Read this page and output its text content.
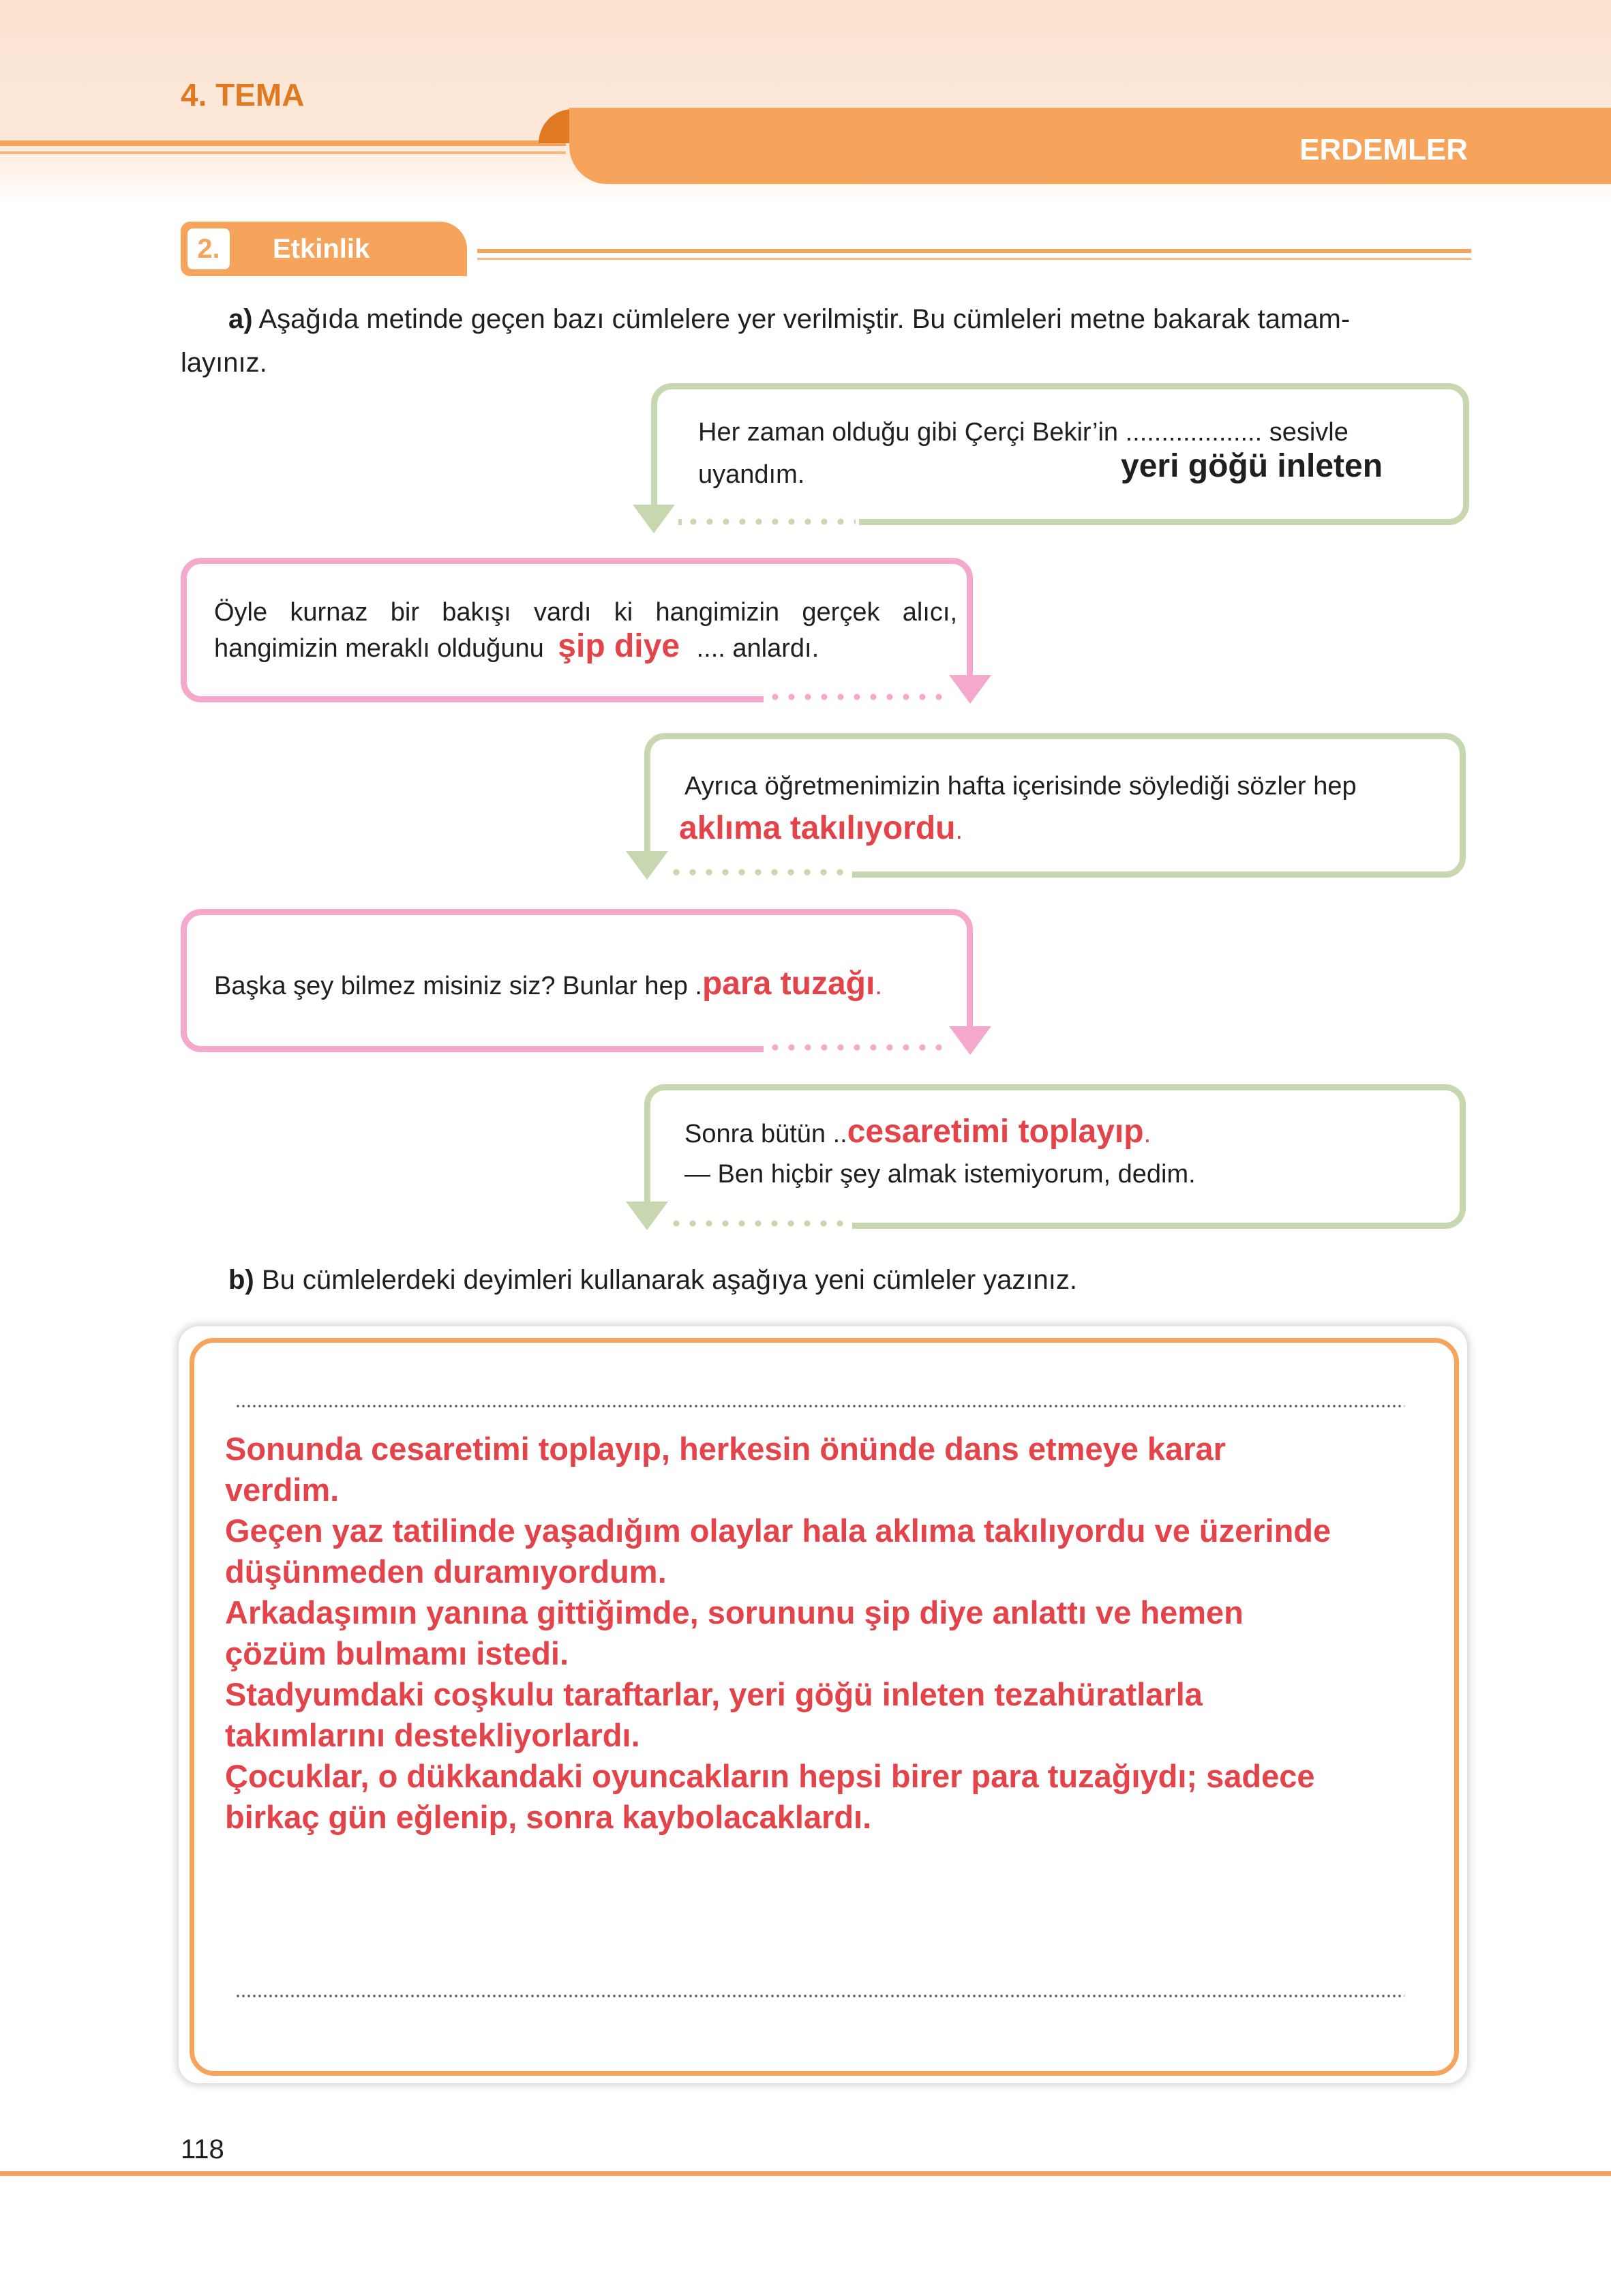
4. TEMA
ERDEMLER
2.	Etkinlik
a) Aşağıda metinde geçen bazı cümlelere yer verilmiştir. Bu cümleleri metne bakarak tamam-
layınız.
Her zaman olduğu gibi Çerçi Bekir’in ................... sesivle
uyandım.	yeri göğü inleten
Öyle kurnaz bir bakışı vardı ki hangimizin gerçek alıcı,
hangimizin meraklı olduğunu şip diye .... anlardı.
Ayrıca öğretmenimizin hafta içerisinde söylediği sözler hep
aklıma takılıyordu.
Başka şey bilmez misiniz siz? Bunlar hep .para tuzağı.
Sonra bütün ..cesaretimi toplayıp.
— Ben hiçbir şey almak istemiyorum, dedim.
b) Bu cümlelerdeki deyimleri kullanarak aşağıya yeni cümleler yazınız.
Sonunda cesaretimi toplayıp, herkesin önünde dans etmeye karar
verdim.
Geçen yaz tatilinde yaşadığım olaylar hala aklıma takılıyordu ve üzerinde
düşünmeden duramıyordum.
Arkadaşımın yanına gittiğimde, sorununu şip diye anlattı ve hemen
çözüm bulmamı istedi.
Stadyumdaki coşkulu taraftarlar, yeri göğü inleten tezahüratlarla
takımlarını destekliyorlardı.
Çocuklar, o dükkandaki oyuncakların hepsi birer para tuzağıydı; sadece
birkaç gün eğlenip, sonra kaybolacaklardı.
118
